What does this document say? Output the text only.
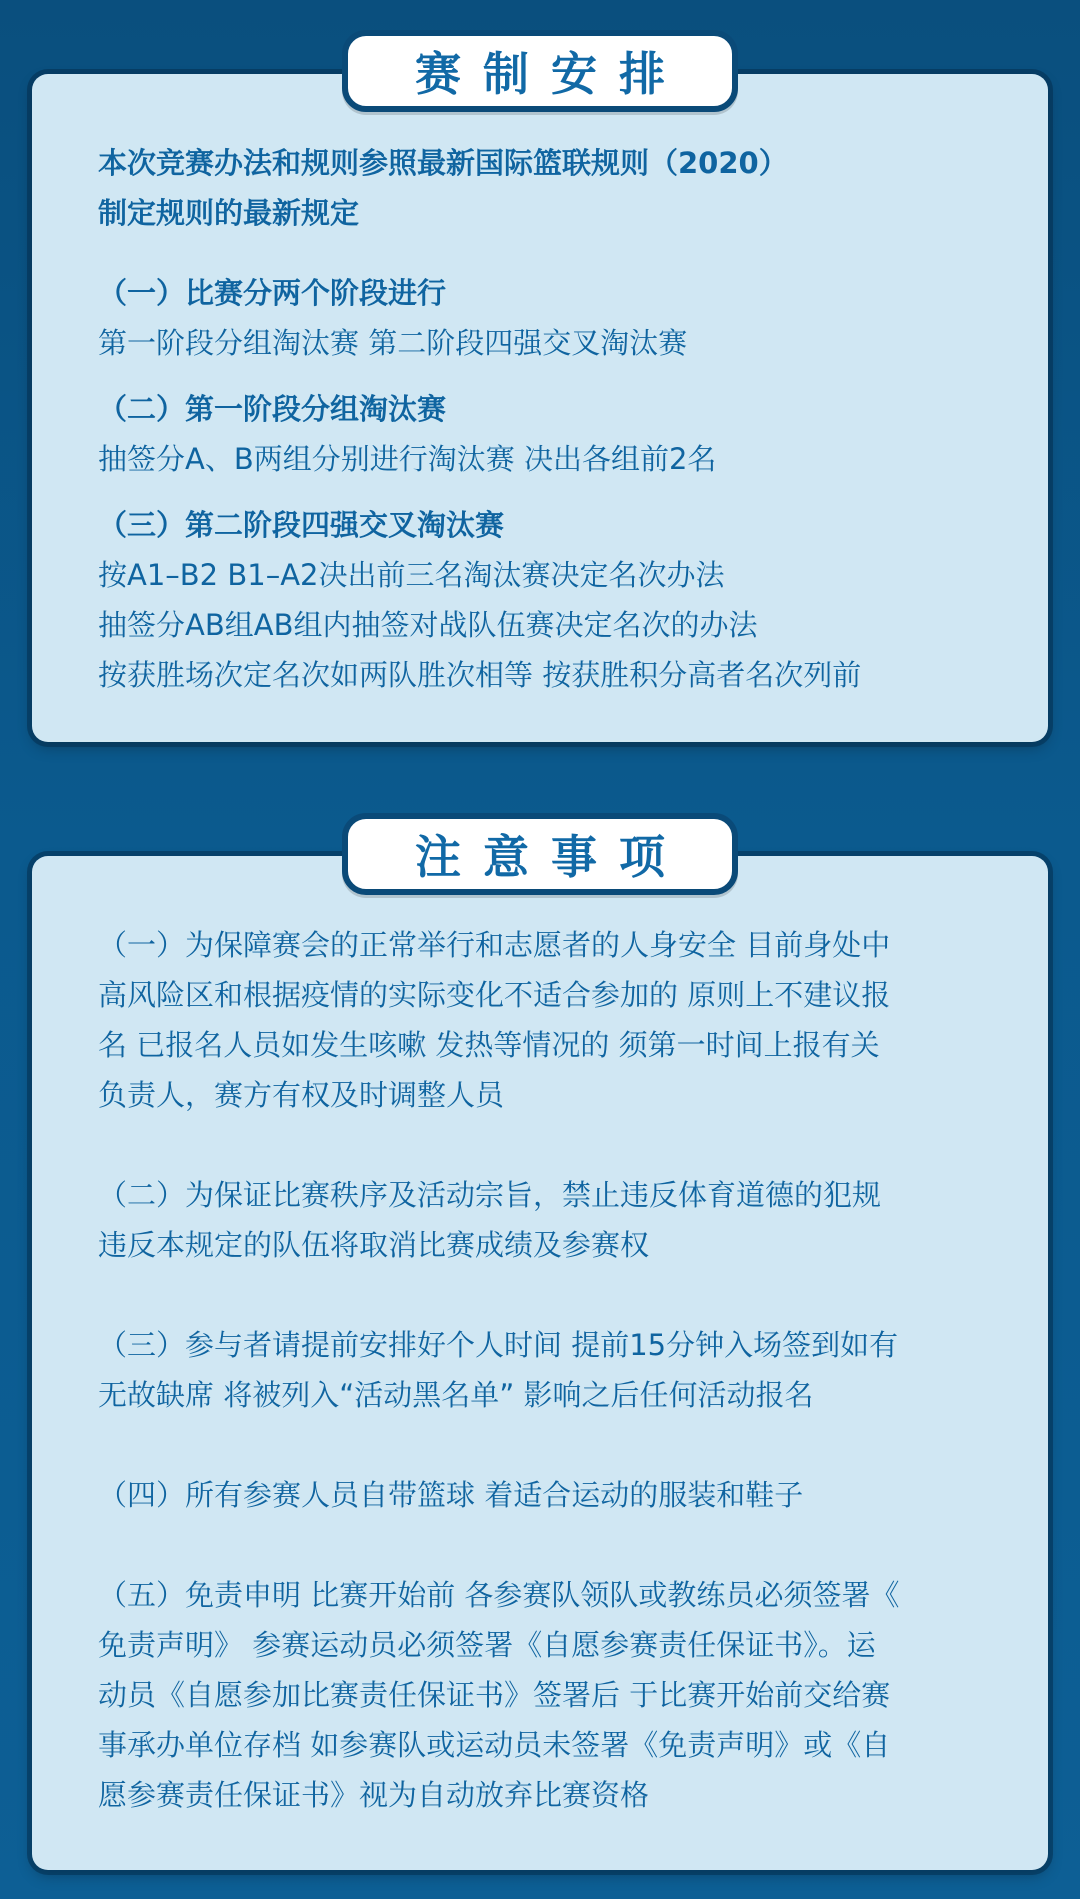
赛制安排

本次竞赛办法和规则参照最新国际篮联规则（2020）

制定规则的最新规定

（一）比赛分两个阶段进行

第一阶段分组淘汰赛 第二阶段四强交叉淘汰赛

（二）第一阶段分组淘汰赛

抽签分A、B两组分别进行淘汰赛 决出各组前2名

（三）第二阶段四强交叉淘汰赛

按A1–B2 B1–A2决出前三名淘汰赛决定名次办法

抽签分AB组AB组内抽签对战队伍赛决定名次的办法

按获胜场次定名次如两队胜次相等 按获胜积分高者名次列前

注意事项

（一）为保障赛会的正常举行和志愿者的人身安全 目前身处中
高风险区和根据疫情的实际变化不适合参加的 原则上不建议报
名 已报名人员如发生咳嗽 发热等情况的 须第一时间上报有关
负责人，赛方有权及时调整人员

（二）为保证比赛秩序及活动宗旨，禁止违反体育道德的犯规
违反本规定的队伍将取消比赛成绩及参赛权

（三）参与者请提前安排好个人时间 提前15分钟入场签到如有
无故缺席 将被列入“活动黑名单” 影响之后任何活动报名

（四）所有参赛人员自带篮球 着适合运动的服装和鞋子

（五）免责申明 比赛开始前 各参赛队领队或教练员必须签署《
免责声明》 参赛运动员必须签署《自愿参赛责任保证书》。运
动员《自愿参加比赛责任保证书》签署后 于比赛开始前交给赛
事承办单位存档 如参赛队或运动员未签署《免责声明》或《自
愿参赛责任保证书》视为自动放弃比赛资格
